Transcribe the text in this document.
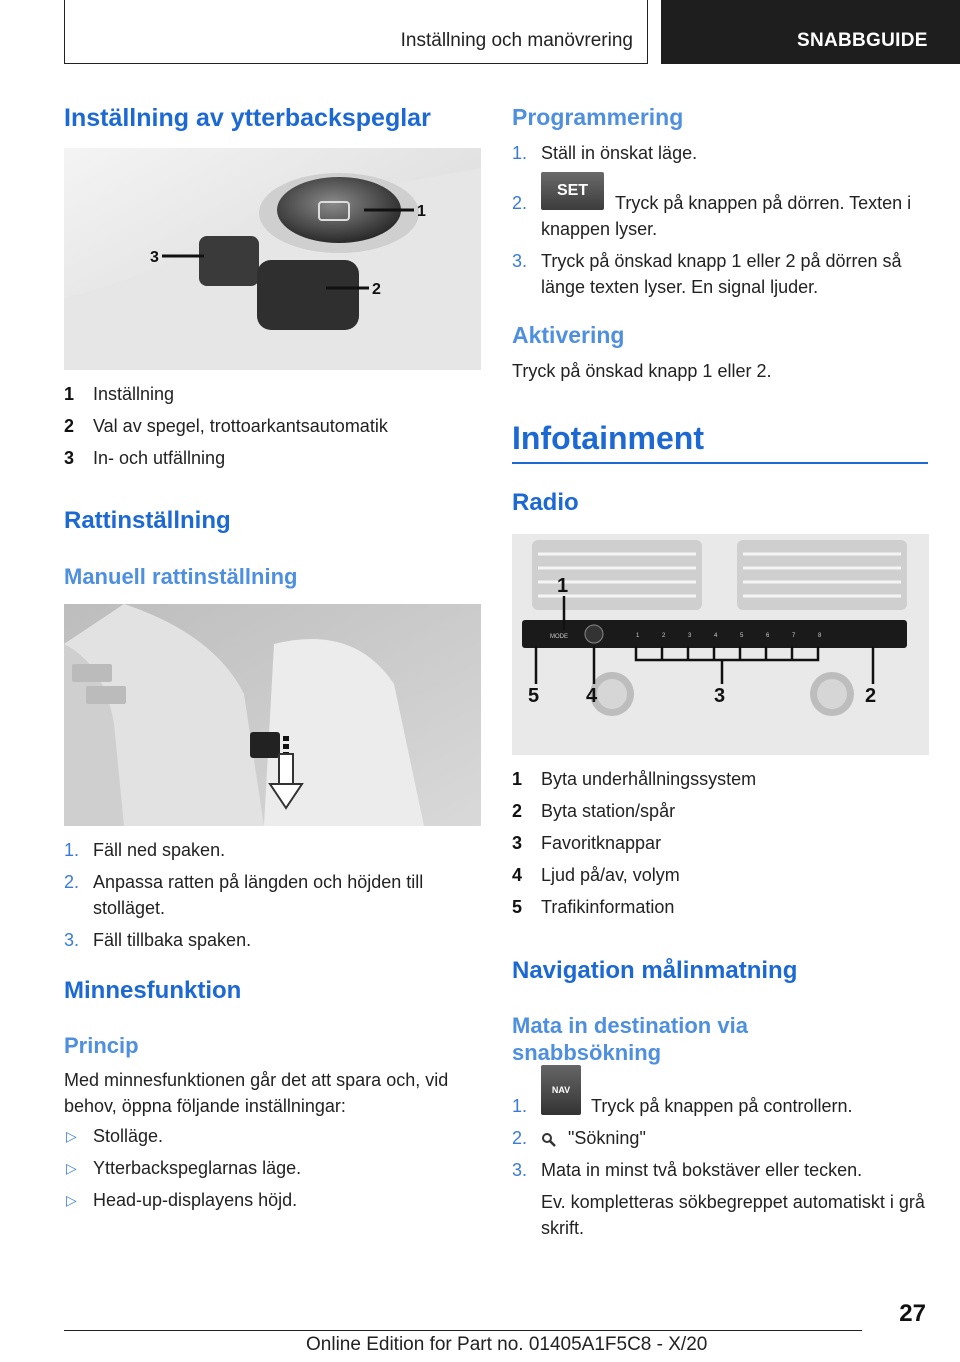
Inställning och manövrering	SNABBGUIDE
Inställning av ytterbackspeglar
1
2
3
1 Inställning
2 Val av spegel, trottoarkantsautomatik
3 In- och utfällning
Rattinställning
Manuell rattinställning
1. Fäll ned spaken.
2. Anpassa ratten på längden och höjden till stolläget.
3. Fäll tillbaka spaken.
Minnesfunktion
Princip
Med minnesfunktionen går det att spara och, vid behov, öppna följande inställningar:
▷ Stolläge.
▷ Ytterbackspeglarnas läge.
▷ Head-up-displayens höjd.
Programmering
1. Ställ in önskat läge.
2.
SET
Tryck på knappen på dörren. Texten i knappen lyser.
3. Tryck på önskad knapp 1 eller 2 på dörren så länge texten lyser. En signal ljuder.
Aktivering
Tryck på önskad knapp 1 eller 2.
Infotainment
Radio
MODE	1	2	3	4	5	6	7	8
1
5 4	3	2
1 Byta underhållningssystem
2 Byta station/spår
3 Favoritknappar
4 Ljud på/av, volym
5 Trafikinformation
Navigation målinmatning
Mata in destination via snabbsökning
1.
NAV
Tryck på knappen på controllern.
2.	"Sökning"
3. Mata in minst två bokstäver eller tecken.
Ev. kompletteras sökbegreppet automatiskt i grå skrift.
27
Online Edition for Part no. 01405A1F5C8 - X/20
